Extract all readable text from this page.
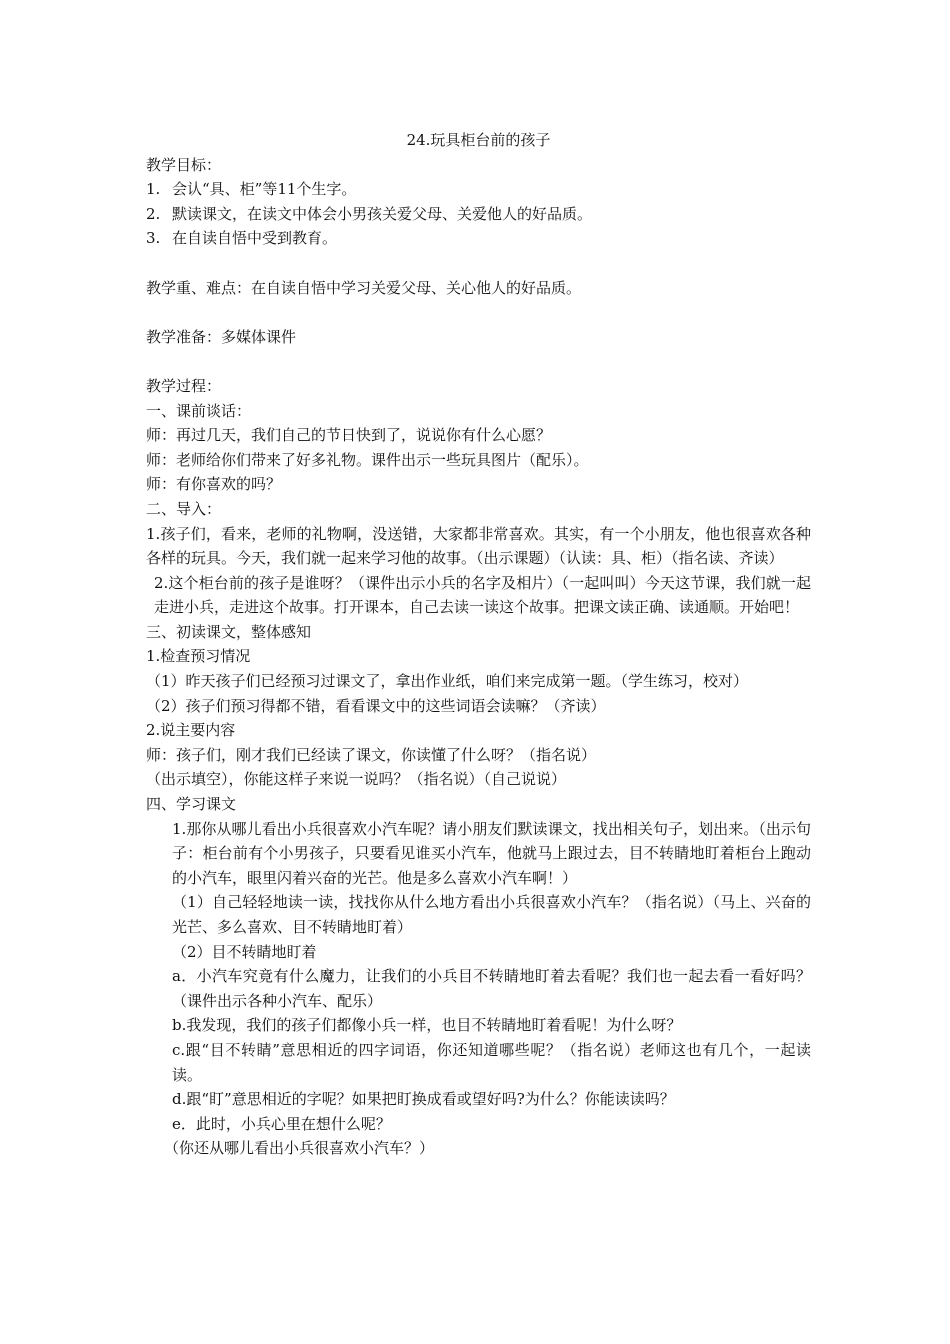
24.玩具柜台前的孩子

教学目标：

1. 会认“具、柜”等11个生字。

2. 默读课文，在读文中体会小男孩关爱父母、关爱他人的好品质。

3. 在自读自悟中受到教育。

教学重、难点：在自读自悟中学习关爱父母、关心他人的好品质。

教学准备：多媒体课件

教学过程：

一、课前谈话：

师：再过几天，我们自己的节日快到了，说说你有什么心愿？

师：老师给你们带来了好多礼物。课件出示一些玩具图片（配乐）。

师：有你喜欢的吗？

二、导入：

1.孩子们，看来，老师的礼物啊，没送错，大家都非常喜欢。其实，有一个小朋友，他也很喜欢各种各样的玩具。今天，我们就一起来学习他的故事。（出示课题）（认读：具、柜）（指名读、齐读）

2.这个柜台前的孩子是谁呀？（课件出示小兵的名字及相片）（一起叫叫）今天这节课，我们就一起走进小兵，走进这个故事。打开课本，自己去读一读这个故事。把课文读正确、读通顺。开始吧！

三、初读课文，整体感知

1.检查预习情况

（1）昨天孩子们已经预习过课文了，拿出作业纸，咱们来完成第一题。（学生练习，校对）

（2）孩子们预习得都不错，看看课文中的这些词语会读嘛？（齐读）

2.说主要内容

师：孩子们，刚才我们已经读了课文，你读懂了什么呀？（指名说）

（出示填空），你能这样子来说一说吗？（指名说）（自己说说）

四、学习课文

1.那你从哪儿看出小兵很喜欢小汽车呢？请小朋友们默读课文，找出相关句子，划出来。（出示句子：柜台前有个小男孩子，只要看见谁买小汽车，他就马上跟过去，目不转睛地盯着柜台上跑动的小汽车，眼里闪着兴奋的光芒。他是多么喜欢小汽车啊！）

（1）自己轻轻地读一读，找找你从什么地方看出小兵很喜欢小汽车？（指名说）（马上、兴奋的光芒、多么喜欢、目不转睛地盯着）

（2）目不转睛地盯着

a．小汽车究竟有什么魔力，让我们的小兵目不转睛地盯着去看呢？我们也一起去看一看好吗？（课件出示各种小汽车、配乐）

b.我发现，我们的孩子们都像小兵一样，也目不转睛地盯着看呢！为什么呀？

c.跟“目不转睛”意思相近的四字词语，你还知道哪些呢？（指名说）老师这也有几个，一起读读。

d.跟“盯”意思相近的字呢？如果把盯换成看或望好吗?为什么？你能读读吗？

e．此时，小兵心里在想什么呢？

（你还从哪儿看出小兵很喜欢小汽车？）
